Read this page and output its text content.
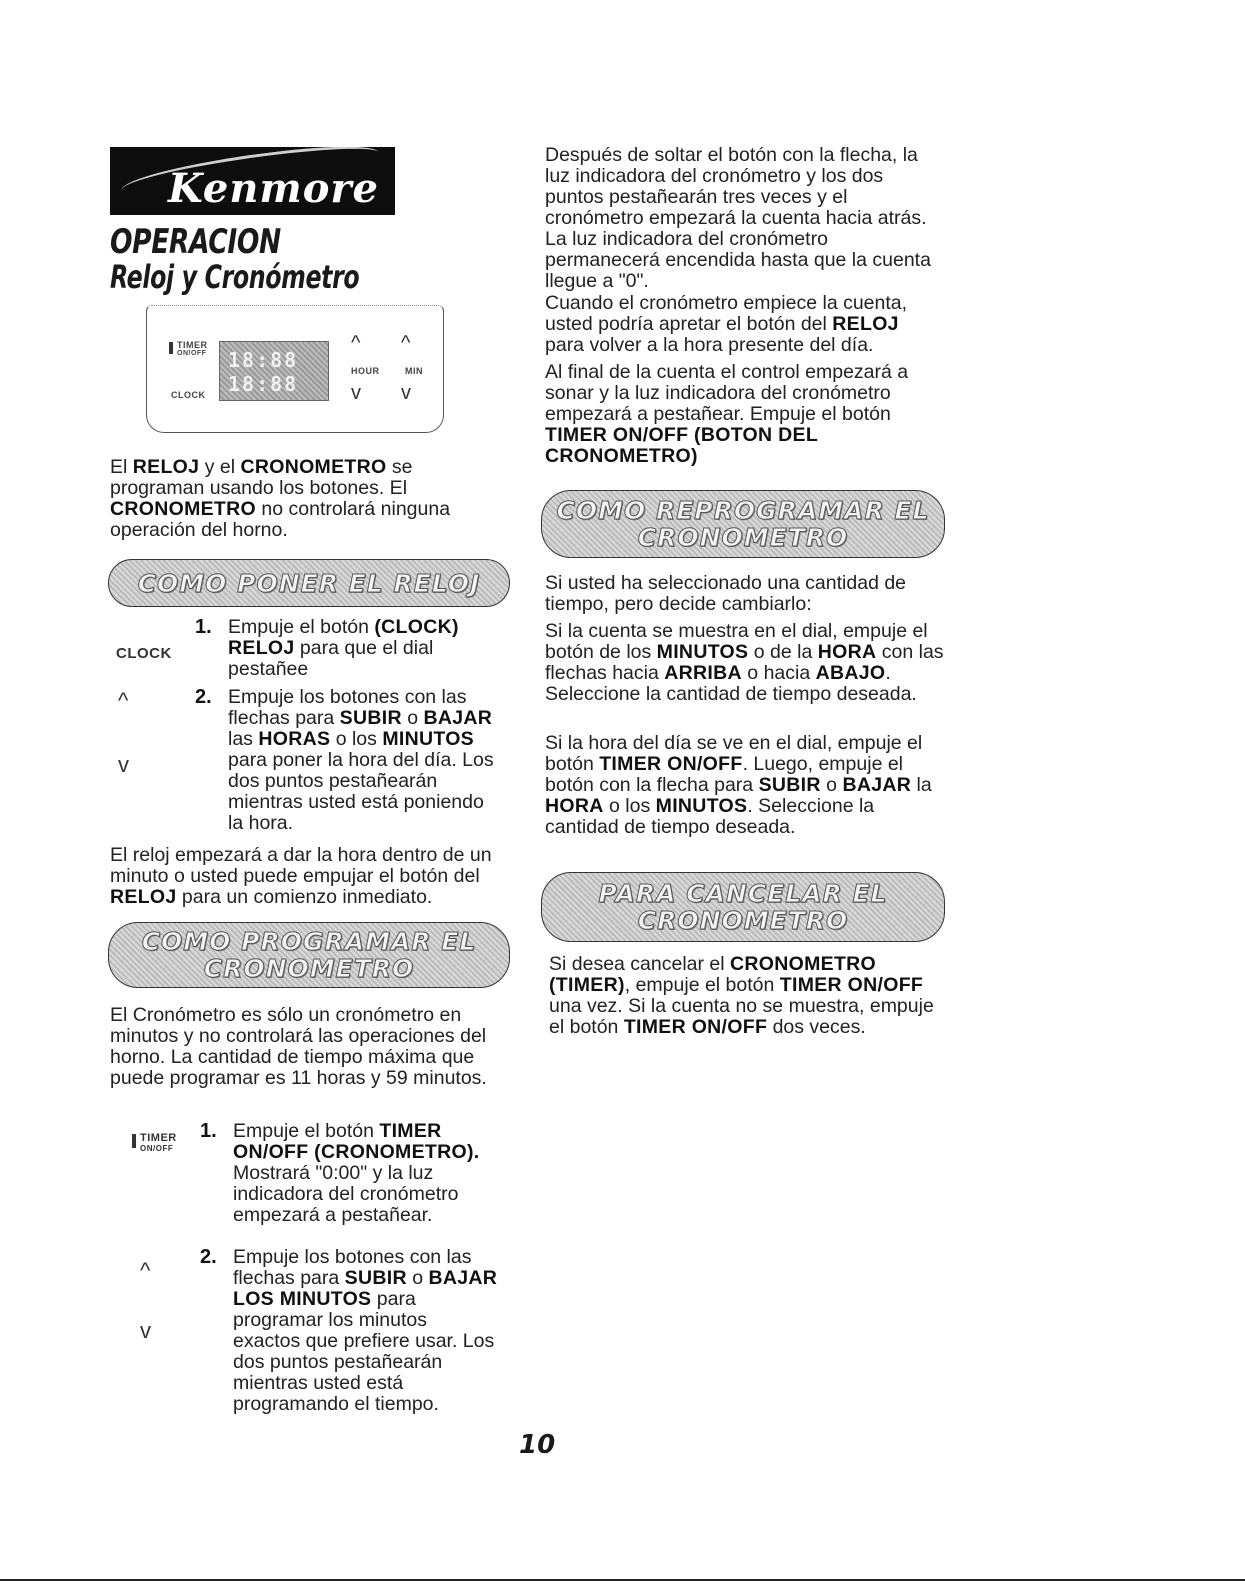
Kenmore
OPERACION
Reloj y Cronómetro
TIMER
ON/OFF
CLOCK
18:88
18:88
^ ^
HOUR	MIN
v v
El RELOJ y el CRONOMETRO se programan usando los botones. El CRONOMETRO no controlará ninguna operación del horno.
COMO PONER EL RELOJ
CLOCK
1. Empuje el botón (CLOCK)
RELOJ para que el dial pestañee
^
v
2. Empuje los botones con las flechas para SUBIR o BAJAR las HORAS o los MINUTOS para poner la hora del día. Los dos puntos pestañearán mientras usted está poniendo la hora.
El reloj empezará a dar la hora dentro de un minuto o usted puede empujar el botón del RELOJ para un comienzo inmediato.
COMO PROGRAMAR EL
CRONOMETRO
El Cronómetro es sólo un cronómetro en minutos y no controlará las operaciones del horno. La cantidad de tiempo máxima que puede programar es 11 horas y 59 minutos.
TIMER
ON/OFF
1. Empuje el botón TIMER ON/OFF (CRONOMETRO).
Mostrará "0:00" y la luz indicadora del cronómetro empezará a pestañear.
^
v
2. Empuje los botones con las flechas para SUBIR o BAJAR LOS MINUTOS para programar los minutos exactos que prefiere usar. Los dos puntos pestañearán mientras usted está programando el tiempo.
Después de soltar el botón con la flecha, la luz indicadora del cronómetro y los dos puntos pestañearán tres veces y el cronómetro empezará la cuenta hacia atrás. La luz indicadora del cronómetro permanecerá encendida hasta que la cuenta llegue a "0".
Cuando el cronómetro empiece la cuenta, usted podría apretar el botón del RELOJ para volver a la hora presente del día.
Al final de la cuenta el control empezará a sonar y la luz indicadora del cronómetro empezará a pestañear. Empuje el botón TIMER ON/OFF (BOTON DEL CRONOMETRO)
COMO REPROGRAMAR EL
CRONOMETRO
Si usted ha seleccionado una cantidad de tiempo, pero decide cambiarlo:
Si la cuenta se muestra en el dial, empuje el botón de los MINUTOS o de la HORA con las flechas hacia ARRIBA o hacia ABAJO. Seleccione la cantidad de tiempo deseada.
Si la hora del día se ve en el dial, empuje el botón TIMER ON/OFF. Luego, empuje el botón con la flecha para SUBIR o BAJAR la HORA o los MINUTOS. Seleccione la cantidad de tiempo deseada.
PARA CANCELAR EL
CRONOMETRO
Si desea cancelar el CRONOMETRO (TIMER), empuje el botón TIMER ON/OFF una vez. Si la cuenta no se muestra, empuje el botón TIMER ON/OFF dos veces.
10
